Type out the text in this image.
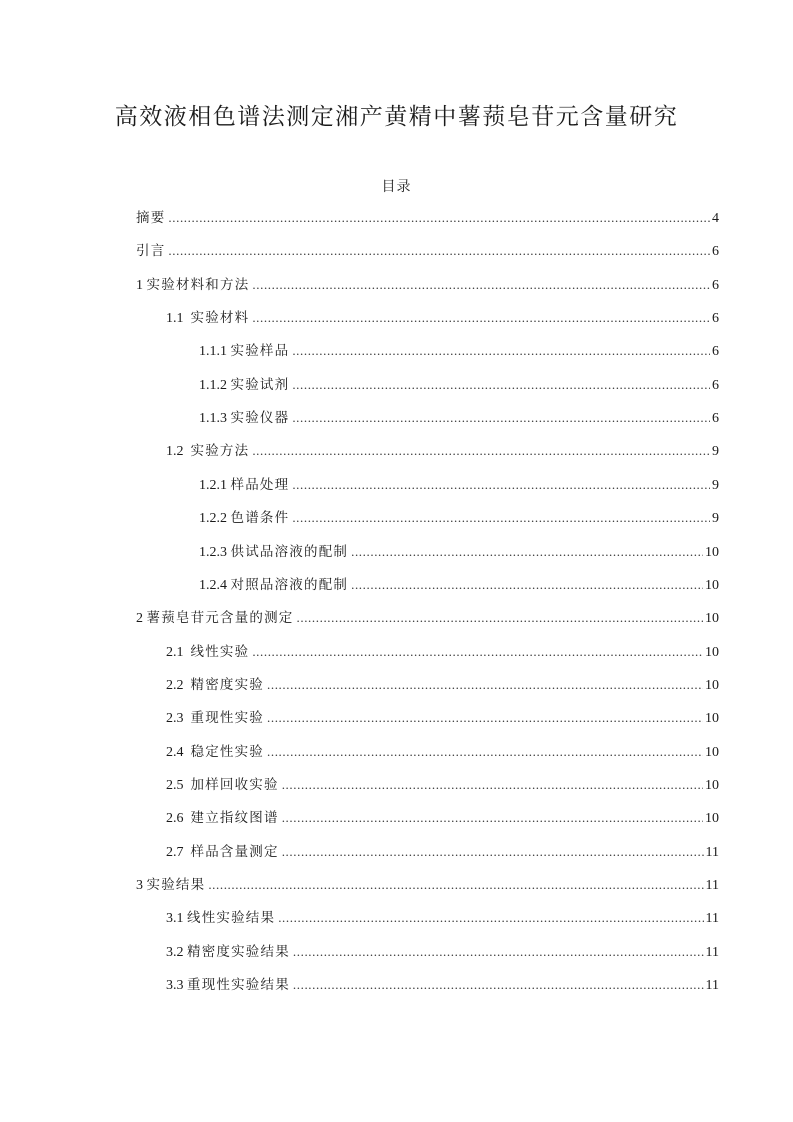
高效液相色谱法测定湘产黄精中薯蓣皂苷元含量研究
目录
摘要 .....	4
引言 .....	6
1 实验材料和方法 .....	6
1.1 实验材料 .....	6
1.1.1 实验样品 .....	6
1.1.2 实验试剂 .....	6
1.1.3 实验仪器 .....	6
1.2 实验方法 .....	9
1.2.1 样品处理 .....	9
1.2.2 色谱条件 .....	9
1.2.3 供试品溶液的配制 .....	10
1.2.4 对照品溶液的配制 .....	10
2 薯蓣皂苷元含量的测定 .....	10
2.1 线性实验 .....	10
2.2 精密度实验 .....	10
2.3 重现性实验 .....	10
2.4 稳定性实验 .....	10
2.5 加样回收实验 .....	10
2.6 建立指纹图谱 .....	10
2.7 样品含量测定 .....	11
3 实验结果 .....	11
3.1 线性实验结果 .....	11
3.2 精密度实验结果 .....	11
3.3 重现性实验结果 .....	11
